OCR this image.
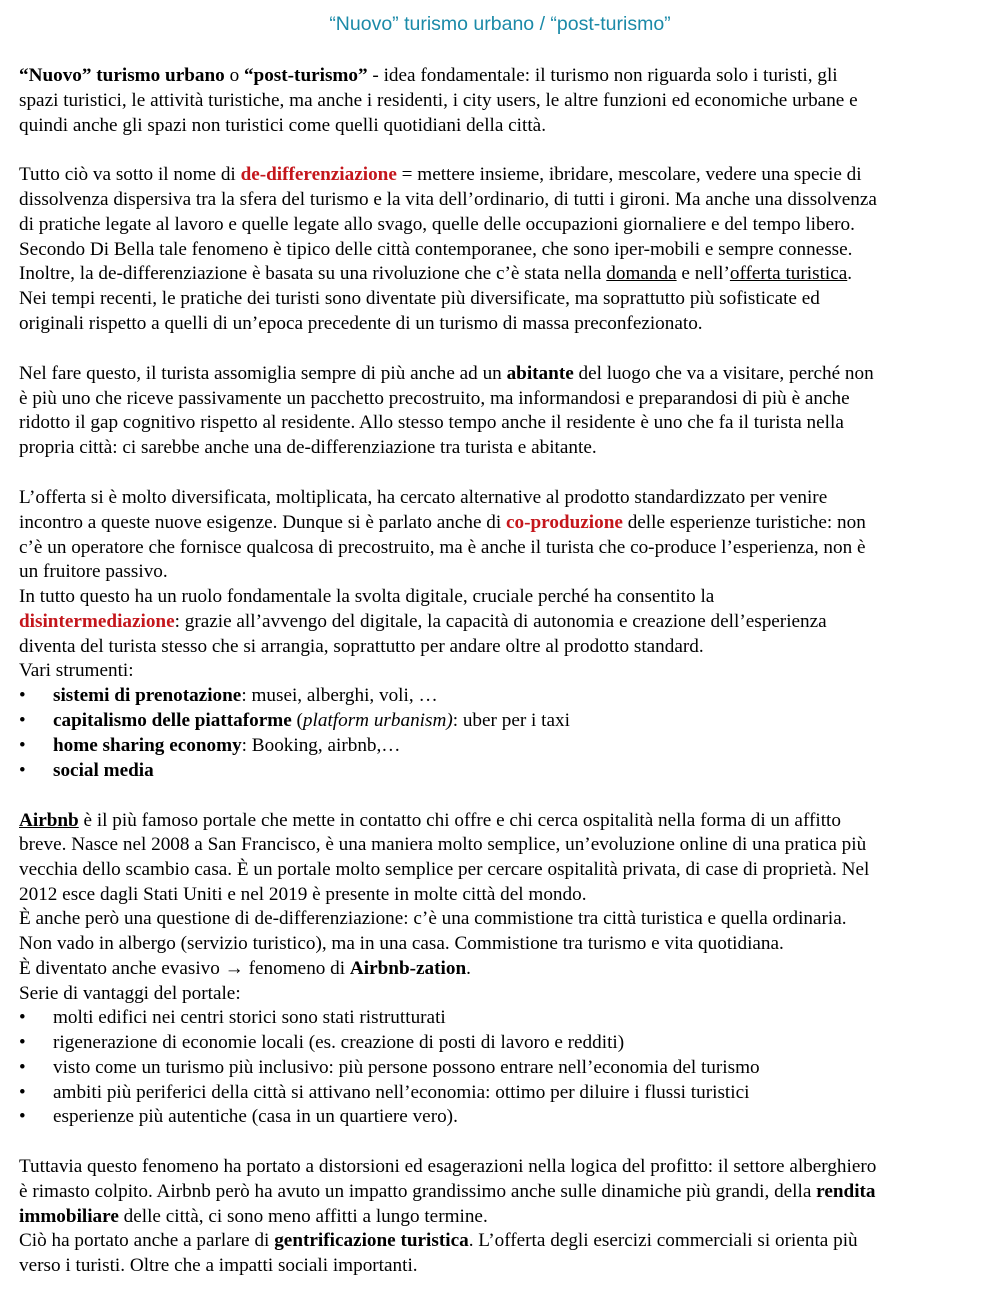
“Nuovo” turismo urbano / “post-turismo”
“Nuovo” turismo urbano o “post-turismo” - idea fondamentale: il turismo non riguarda solo i turisti, gli
spazi turistici, le attività turistiche, ma anche i residenti, i city users, le altre funzioni ed economiche urbane e
quindi anche gli spazi non turistici come quelli quotidiani della città.
Tutto ciò va sotto il nome di de-differenziazione = mettere insieme, ibridare, mescolare, vedere una specie di
dissolvenza dispersiva tra la sfera del turismo e la vita dell’ordinario, di tutti i gironi. Ma anche una dissolvenza
di pratiche legate al lavoro e quelle legate allo svago, quelle delle occupazioni giornaliere e del tempo libero.
Secondo Di Bella tale fenomeno è tipico delle città contemporanee, che sono iper-mobili e sempre connesse.
Inoltre, la de-differenziazione è basata su una rivoluzione che c’è stata nella domanda e nell’offerta turistica.
Nei tempi recenti, le pratiche dei turisti sono diventate più diversificate, ma soprattutto più sofisticate ed
originali rispetto a quelli di un’epoca precedente di un turismo di massa preconfezionato.
Nel fare questo, il turista assomiglia sempre di più anche ad un abitante del luogo che va a visitare, perché non
è più uno che riceve passivamente un pacchetto precostruito, ma informandosi e preparandosi di più è anche
ridotto il gap cognitivo rispetto al residente. Allo stesso tempo anche il residente è uno che fa il turista nella
propria città: ci sarebbe anche una de-differenziazione tra turista e abitante.
L’offerta si è molto diversificata, moltiplicata, ha cercato alternative al prodotto standardizzato per venire
incontro a queste nuove esigenze. Dunque si è parlato anche di co-produzione delle esperienze turistiche: non
c’è un operatore che fornisce qualcosa di precostruito, ma è anche il turista che co-produce l’esperienza, non è
un fruitore passivo.
In tutto questo ha un ruolo fondamentale la svolta digitale, cruciale perché ha consentito la
disintermediazione: grazie all’avvengo del digitale, la capacità di autonomia e creazione dell’esperienza
diventa del turista stesso che si arrangia, soprattutto per andare oltre al prodotto standard.
Vari strumenti:
• sistemi di prenotazione: musei, alberghi, voli, …
• capitalismo delle piattaforme (platform urbanism): uber per i taxi
• home sharing economy: Booking, airbnb,…
• social media
Airbnb è il più famoso portale che mette in contatto chi offre e chi cerca ospitalità nella forma di un affitto
breve. Nasce nel 2008 a San Francisco, è una maniera molto semplice, un’evoluzione online di una pratica più
vecchia dello scambio casa. È un portale molto semplice per cercare ospitalità privata, di case di proprietà. Nel
2012 esce dagli Stati Uniti e nel 2019 è presente in molte città del mondo.
È anche però una questione di de-differenziazione: c’è una commistione tra città turistica e quella ordinaria.
Non vado in albergo (servizio turistico), ma in una casa. Commistione tra turismo e vita quotidiana.
È diventato anche evasivo → fenomeno di Airbnb-zation.
Serie di vantaggi del portale:
• molti edifici nei centri storici sono stati ristrutturati
• rigenerazione di economie locali (es. creazione di posti di lavoro e redditi)
• visto come un turismo più inclusivo: più persone possono entrare nell’economia del turismo
• ambiti più periferici della città si attivano nell’economia: ottimo per diluire i flussi turistici
• esperienze più autentiche (casa in un quartiere vero).
Tuttavia questo fenomeno ha portato a distorsioni ed esagerazioni nella logica del profitto: il settore alberghiero
è rimasto colpito. Airbnb però ha avuto un impatto grandissimo anche sulle dinamiche più grandi, della rendita
immobiliare delle città, ci sono meno affitti a lungo termine.
Ciò ha portato anche a parlare di gentrificazione turistica. L’offerta degli esercizi commerciali si orienta più
verso i turisti. Oltre che a impatti sociali importanti.
